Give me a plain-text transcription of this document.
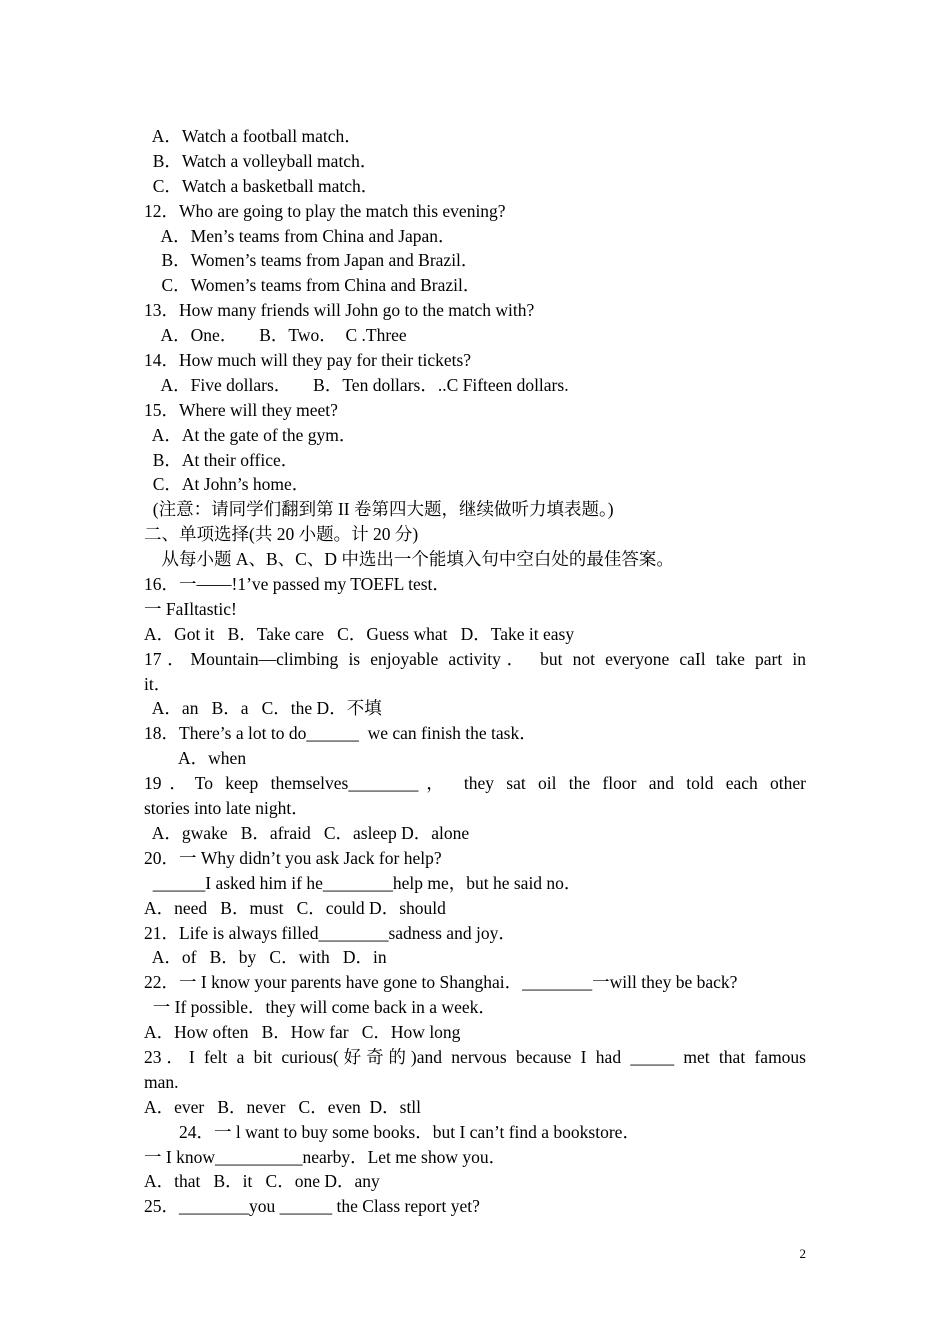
A．Watch a football match．
B．Watch a volleyball match．
C．Watch a basketball match．
12．Who are going to play the match this evening?
A．Men’s teams from China and Japan．
B．Women’s teams from Japan and Brazil．
C．Women’s teams from China and Brazil．
13．How many friends will John go to the match with?
A．One．     B．Two．  C .Three
14．How much will they pay for their tickets?
A．Five dollars．     B．Ten dollars．..C Fifteen dollars.
15．Where will they meet?
A．At the gate of the gym．
B．At their office．
C．At John’s home．
(注意：请同学们翻到第 II 卷第四大题，继续做听力填表题。)
二、单项选择(共 20 小题。计 20 分)
从每小题 A、B、C、D 中选出一个能填入句中空白处的最佳答案。
16．一——!1’ve passed my TOEFL test．
一 FaIltastic!
A．Got it   B．Take care   C．Guess what   D．Take it easy
17．Mountain—climbing is enjoyable activity． but not everyone caIl take part in
it．
A．an   B．a   C．the D．不填
18．There’s a lot to do______  we can finish the task．
A．when
19．To keep themselves________， they sat oil the floor and told each other
stories into late night．
A．gwake   B．afraid   C．asleep D．alone
20．一 Why didn’t you ask Jack for help?
______I asked him if he________help me，but he said no．
A．need   B．must   C．could D．should
21．Life is always filled________sadness and joy．
A．of   B．by   C．with   D．in
22．一 I know your parents have gone to Shanghai．________一will they be back?
一 If possible．they will come back in a week．
A．How often   B．How far   C．How long
23．I felt a bit curious(好奇的)and nervous because I had _____ met that famous
man.
A．ever   B．never   C．even  D．stll
24．一 l want to buy some books．but I can’t find a bookstore．
一 I know__________nearby．Let me show you．
A．that   B．it   C．one D．any
25．________you ______ the Class report yet?
2
